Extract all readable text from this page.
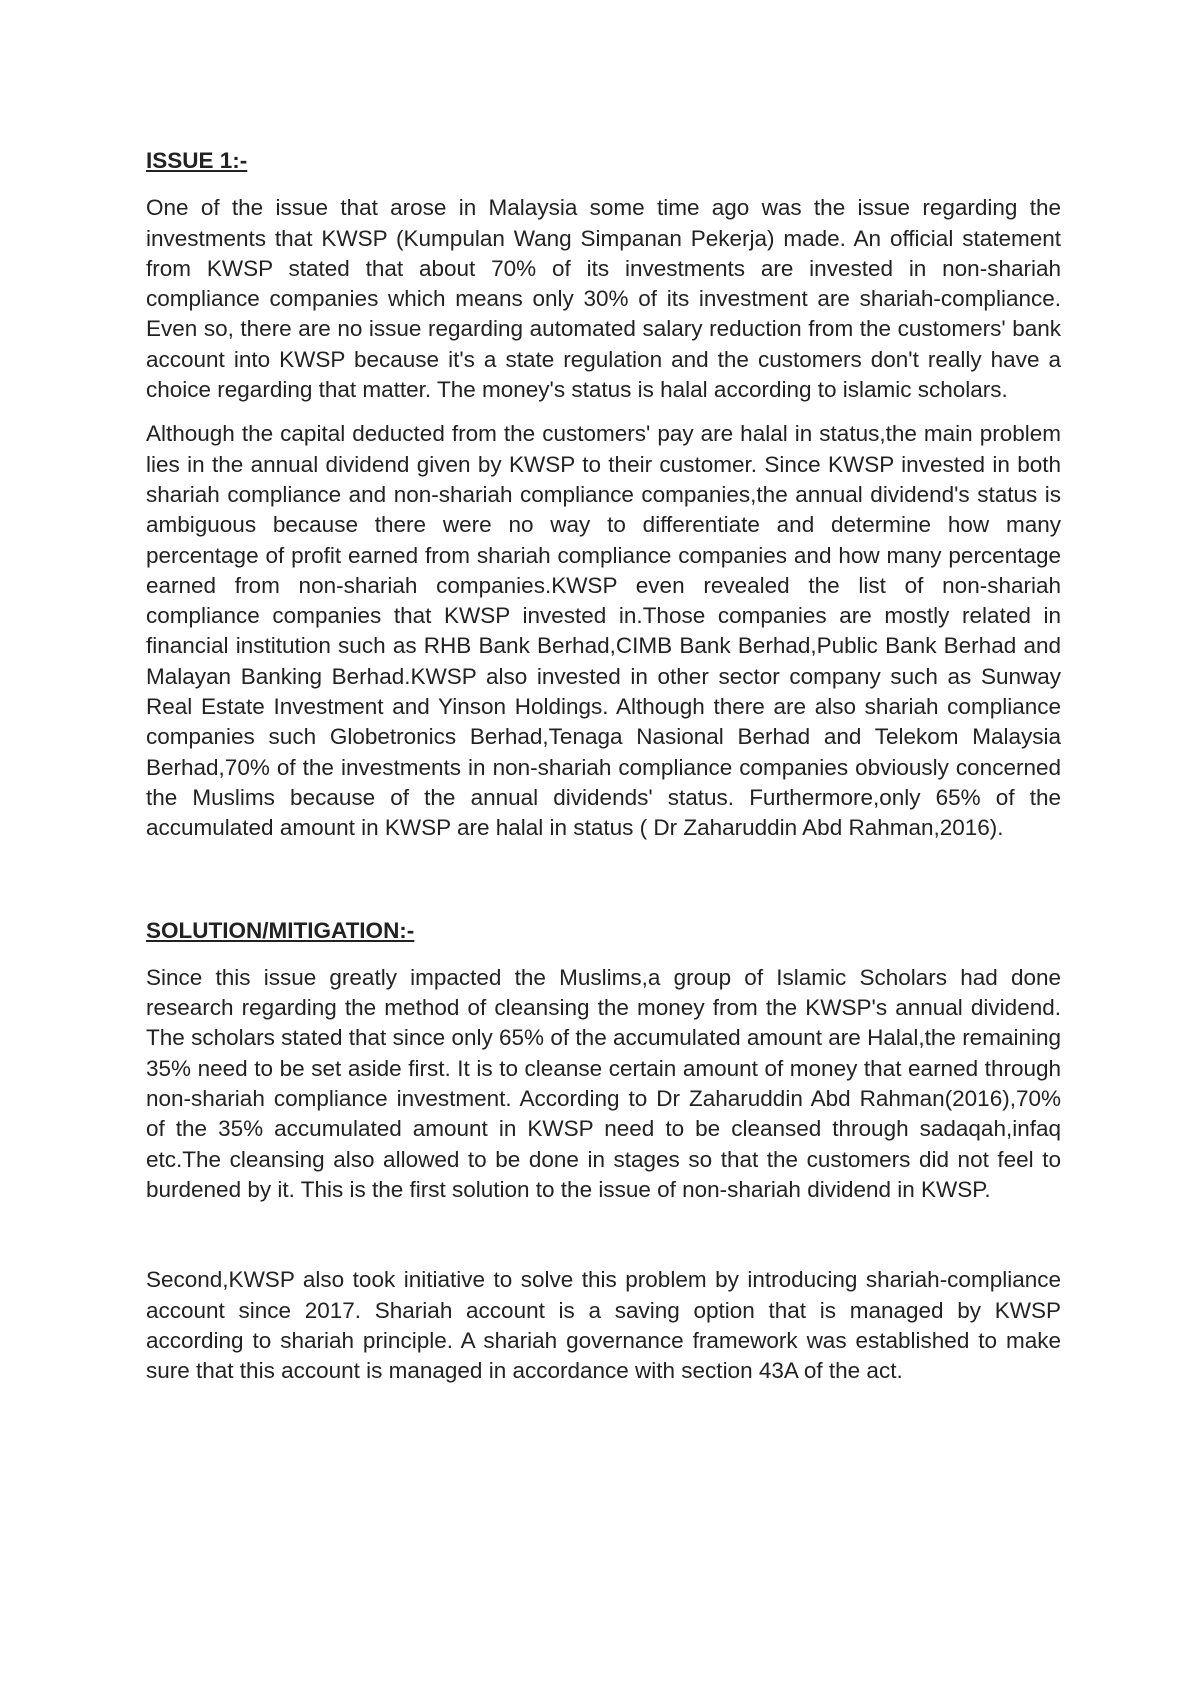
ISSUE 1:-

One of the issue that arose in Malaysia some time ago was the issue regarding the investments that KWSP (Kumpulan Wang Simpanan Pekerja) made. An official statement from KWSP stated that about 70% of its investments are invested in non-shariah compliance companies which means only 30% of its investment are shariah-compliance. Even so, there are no issue regarding automated salary reduction from the customers' bank account into KWSP because it's a state regulation and the customers don't really have a choice regarding that matter. The money's status is halal according to islamic scholars.

Although the capital deducted from the customers' pay are halal in status,the main problem lies in the annual dividend given by KWSP to their customer. Since KWSP invested in both shariah compliance and non-shariah compliance companies,the annual dividend's status is ambiguous because there were no way to differentiate and determine how many percentage of profit earned from shariah compliance companies and how many percentage earned from non-shariah companies.KWSP even revealed the list of non-shariah compliance companies that KWSP invested in.Those companies are mostly related in financial institution such as RHB Bank Berhad,CIMB Bank Berhad,Public Bank Berhad and Malayan Banking Berhad.KWSP also invested in other sector company such as Sunway Real Estate Investment and Yinson Holdings. Although there are also shariah compliance companies such Globetronics Berhad,Tenaga Nasional Berhad and Telekom Malaysia Berhad,70% of the investments in non-shariah compliance companies obviously concerned the Muslims because of the annual dividends' status. Furthermore,only 65% of the accumulated amount in KWSP are halal in status ( Dr Zaharuddin Abd Rahman,2016).

SOLUTION/MITIGATION:-

Since this issue greatly impacted the Muslims,a group of Islamic Scholars had done research regarding the method of cleansing the money from the KWSP's annual dividend. The scholars stated that since only 65% of the accumulated amount are Halal,the remaining 35% need to be set aside first. It is to cleanse certain amount of money that earned through non-shariah compliance investment. According to Dr Zaharuddin Abd Rahman(2016),70% of the 35% accumulated amount in KWSP need to be cleansed through sadaqah,infaq etc.The cleansing also allowed to be done in stages so that the customers did not feel to burdened by it. This is the first solution to the issue of non-shariah dividend in KWSP.

Second,KWSP also took initiative to solve this problem by introducing shariah-compliance account since 2017. Shariah account is a saving option that is managed by KWSP according to shariah principle. A shariah governance framework was established to make sure that this account is managed in accordance with section 43A of the act.
